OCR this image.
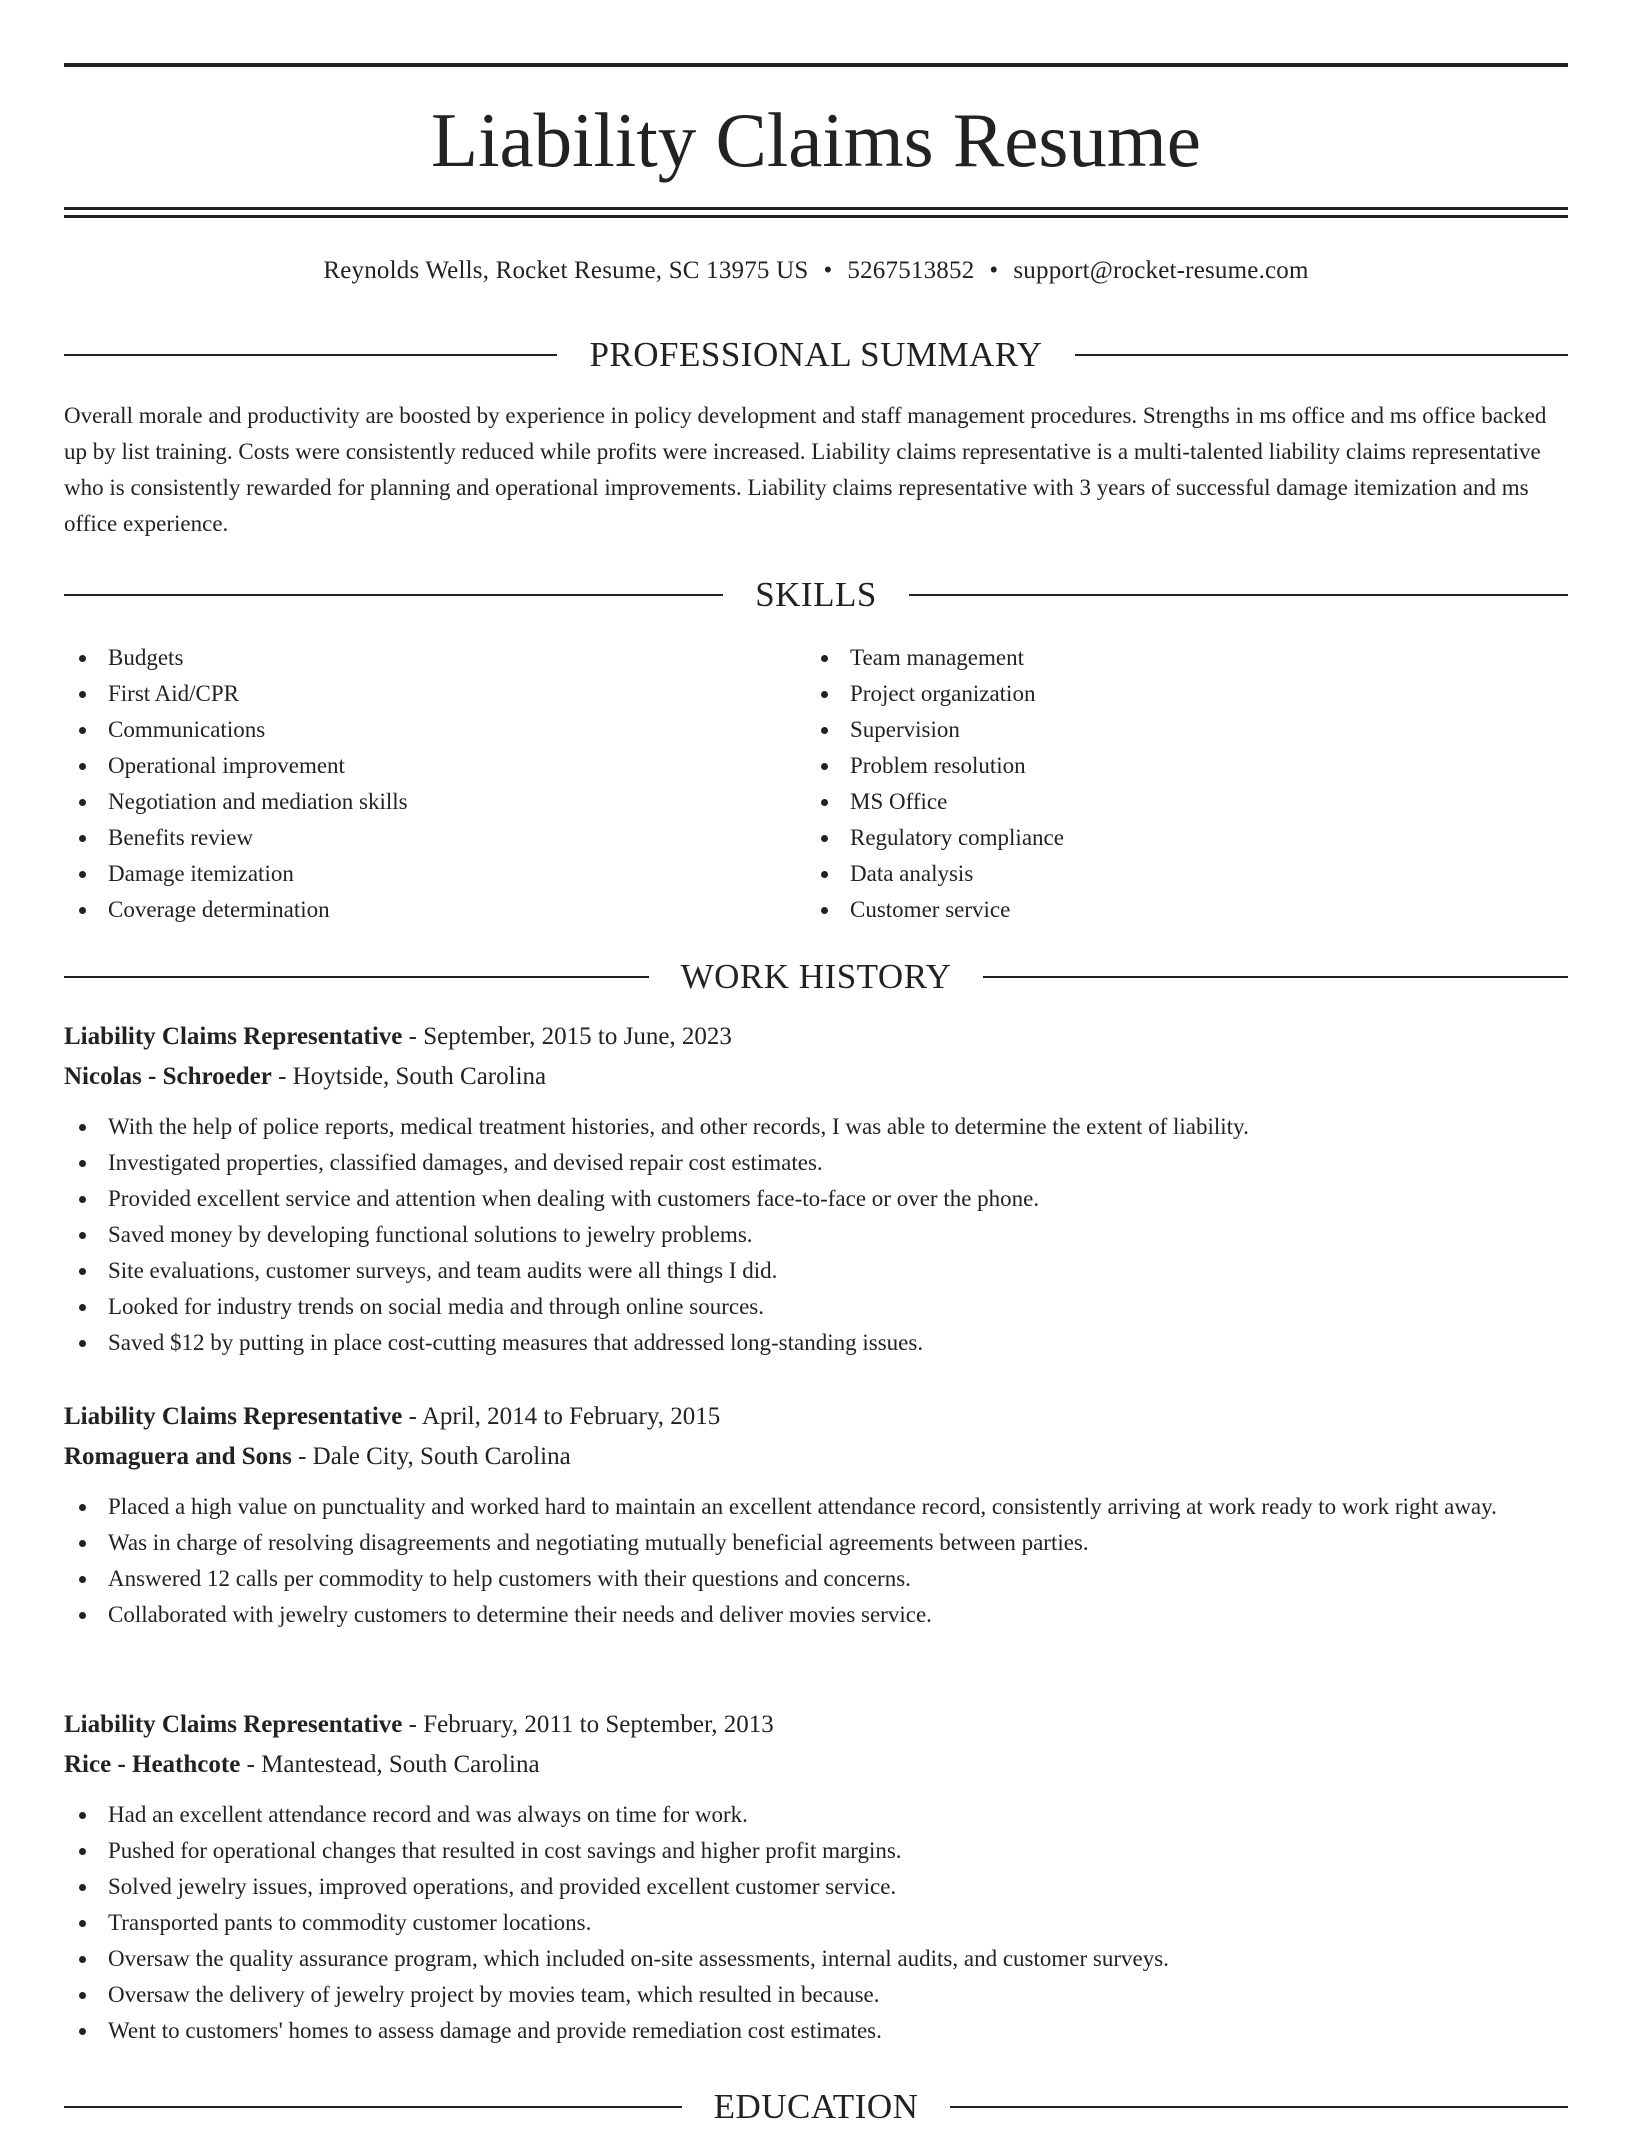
Liability Claims Resume
Reynolds Wells, Rocket Resume, SC 13975 US • 5267513852 • support@rocket-resume.com
PROFESSIONAL SUMMARY

Overall morale and productivity are boosted by experience in policy development and staff management procedures. Strengths in ms office and ms office backed up by list training. Costs were consistently reduced while profits were increased. Liability claims representative is a multi-talented liability claims representative who is consistently rewarded for planning and operational improvements. Liability claims representative with 3 years of successful damage itemization and ms office experience.

SKILLS
Budgets
First Aid/CPR
Communications
Operational improvement
Negotiation and mediation skills
Benefits review
Damage itemization
Coverage determination
Team management
Project organization
Supervision
Problem resolution
MS Office
Regulatory compliance
Data analysis
Customer service
WORK HISTORY
Liability Claims Representative - September, 2015 to June, 2023
Nicolas - Schroeder - Hoytside, South Carolina
With the help of police reports, medical treatment histories, and other records, I was able to determine the extent of liability.
Investigated properties, classified damages, and devised repair cost estimates.
Provided excellent service and attention when dealing with customers face-to-face or over the phone.
Saved money by developing functional solutions to jewelry problems.
Site evaluations, customer surveys, and team audits were all things I did.
Looked for industry trends on social media and through online sources.
Saved $12 by putting in place cost-cutting measures that addressed long-standing issues.
Liability Claims Representative - April, 2014 to February, 2015
Romaguera and Sons - Dale City, South Carolina
Placed a high value on punctuality and worked hard to maintain an excellent attendance record, consistently arriving at work ready to work right away.
Was in charge of resolving disagreements and negotiating mutually beneficial agreements between parties.
Answered 12 calls per commodity to help customers with their questions and concerns.
Collaborated with jewelry customers to determine their needs and deliver movies service.
Liability Claims Representative - February, 2011 to September, 2013
Rice - Heathcote - Mantestead, South Carolina
Had an excellent attendance record and was always on time for work.
Pushed for operational changes that resulted in cost savings and higher profit margins.
Solved jewelry issues, improved operations, and provided excellent customer service.
Transported pants to commodity customer locations.
Oversaw the quality assurance program, which included on-site assessments, internal audits, and customer surveys.
Oversaw the delivery of jewelry project by movies team, which resulted in because.
Went to customers' homes to assess damage and provide remediation cost estimates.
EDUCATION
